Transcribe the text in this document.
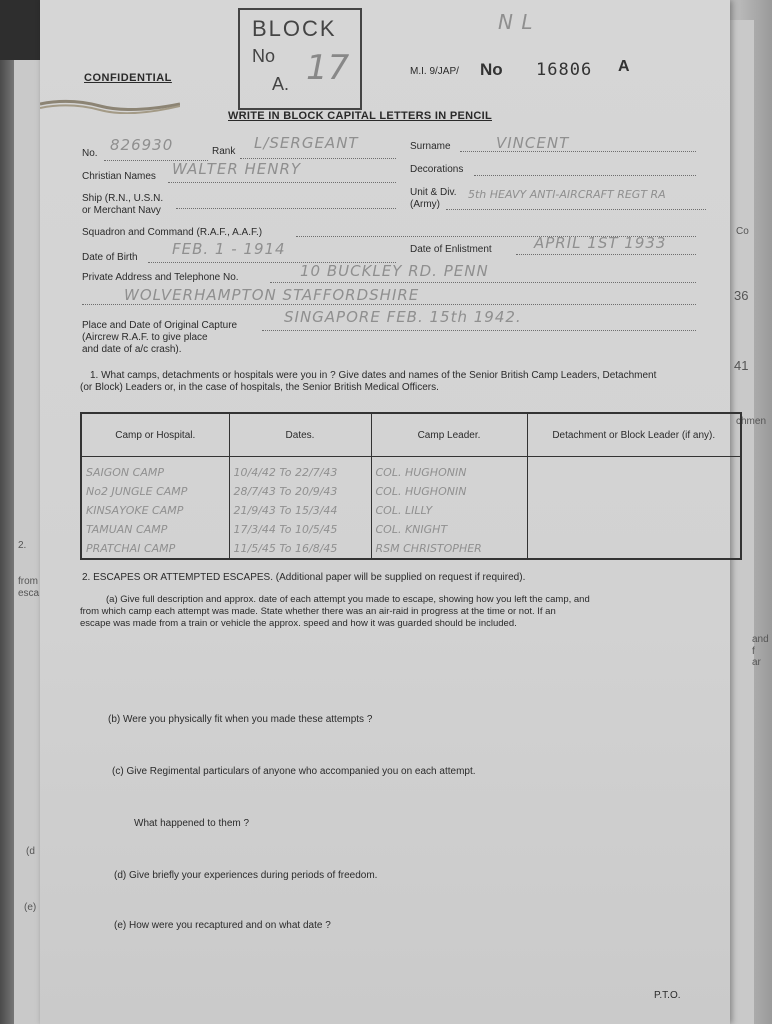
2.
from
esca
(d
(e)
Co
36
41
chmen
and
f ar
BLOCK
No
A. 17
N L
CONFIDENTIAL
M.I. 9/JAP/ No 16806 A
WRITE IN BLOCK CAPITAL LETTERS IN PENCIL
No. 826930	Rank L/SERGEANT	Surname	VINCENT
Christian Names WALTER HENRY	Decorations
Ship (R.N., U.S.N.
or Merchant Navy
Unit & Div.
(Army)
5th HEAVY ANTI-AIRCRAFT REGT RA
Squadron and Command (R.A.F., A.A.F.)
Date of Birth FEB. 1 - 1914	Date of Enlistment	APRIL 1ST 1933
Private Address and Telephone No.	10 BUCKLEY RD. PENN
WOLVERHAMPTON STAFFORDSHIRE
Place and Date of Original Capture
(Aircrew R.A.F. to give place
and date of a/c crash).
SINGAPORE FEB. 15th 1942.
1. What camps, detachments or hospitals were you in ? Give dates and names of the Senior British Camp Leaders, Detachment
(or Block) Leaders or, in the case of hospitals, the Senior British Medical Officers.
Camp or Hospital.	Dates.	Camp Leader.	Detachment or Block Leader (if any).
SAIGON CAMP	10/4/42 To 22/7/43	COL. HUGHONIN	
No2 JUNGLE CAMP	28/7/43 To 20/9/43	COL. HUGHONIN	
KINSAYOKE CAMP	21/9/43 To 15/3/44	COL. LILLY	
TAMUAN CAMP	17/3/44 To 10/5/45	COL. KNIGHT	
PRATCHAI CAMP	11/5/45 To 16/8/45	RSM CHRISTOPHER	
2. ESCAPES OR ATTEMPTED ESCAPES. (Additional paper will be supplied on request if required).
(a) Give full description and approx. date of each attempt you made to escape, showing how you left the camp, and
from which camp each attempt was made. State whether there was an air-raid in progress at the time or not. If an
escape was made from a train or vehicle the approx. speed and how it was guarded should be included.
(b) Were you physically fit when you made these attempts ?
(c) Give Regimental particulars of anyone who accompanied you on each attempt.
What happened to them ?
(d) Give briefly your experiences during periods of freedom.
(e) How were you recaptured and on what date ?
P.T.O.
